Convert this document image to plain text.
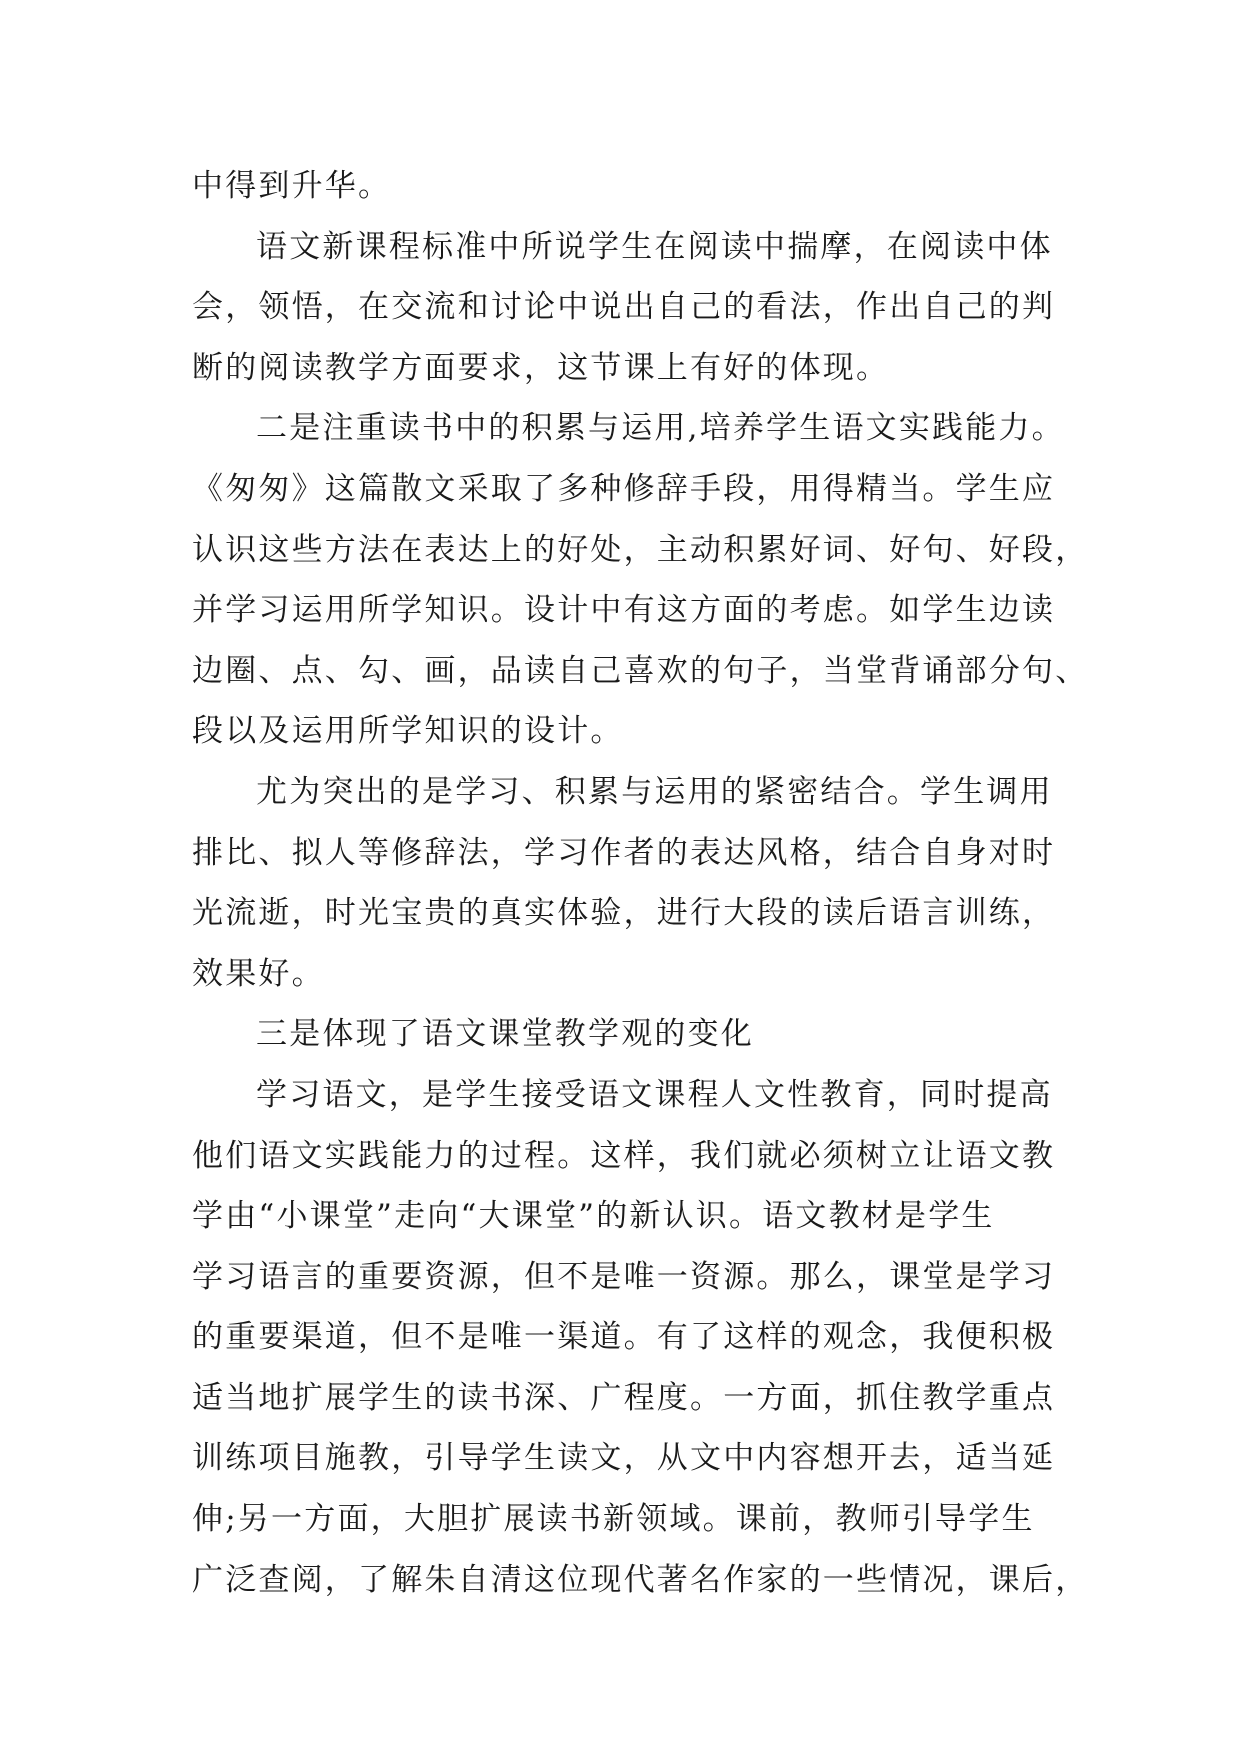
中得到升华。
语文新课程标准中所说学生在阅读中揣摩，在阅读中体
会，领悟，在交流和讨论中说出自己的看法，作出自己的判
断的阅读教学方面要求，这节课上有好的体现。
二是注重读书中的积累与运用,培养学生语文实践能力。
《匆匆》这篇散文采取了多种修辞手段，用得精当。学生应
认识这些方法在表达上的好处，主动积累好词、好句、好段，
并学习运用所学知识。设计中有这方面的考虑。如学生边读
边圈、点、勾、画，品读自己喜欢的句子，当堂背诵部分句、
段以及运用所学知识的设计。
尤为突出的是学习、积累与运用的紧密结合。学生调用
排比、拟人等修辞法，学习作者的表达风格，结合自身对时
光流逝，时光宝贵的真实体验，进行大段的读后语言训练，
效果好。
三是体现了语文课堂教学观的变化
学习语文，是学生接受语文课程人文性教育，同时提高
他们语文实践能力的过程。这样，我们就必须树立让语文教
学由“小课堂”走向“大课堂”的新认识。语文教材是学生
学习语言的重要资源，但不是唯一资源。那么，课堂是学习
的重要渠道，但不是唯一渠道。有了这样的观念，我便积极
适当地扩展学生的读书深、广程度。一方面，抓住教学重点
训练项目施教，引导学生读文，从文中内容想开去，适当延
伸;另一方面，大胆扩展读书新领域。课前，教师引导学生
广泛查阅，了解朱自清这位现代著名作家的一些情况，课后，
